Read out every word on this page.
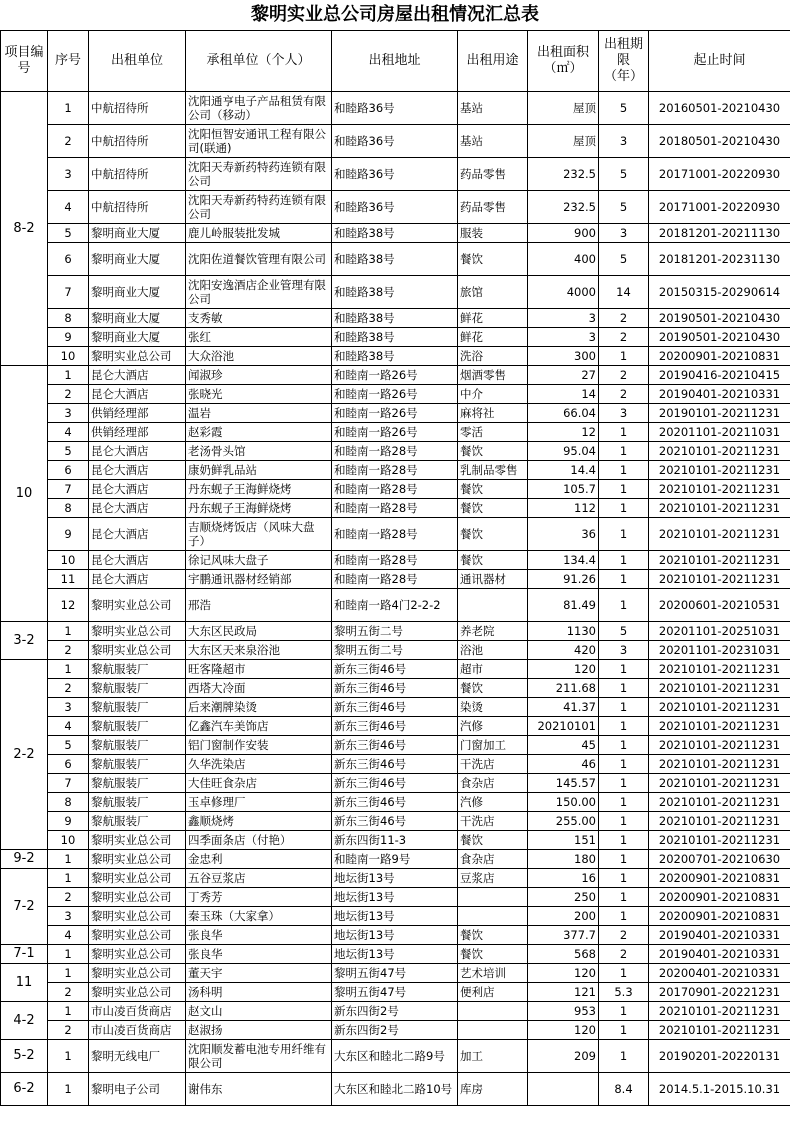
黎明实业总公司房屋出租情况汇总表
项目编号	序号	出租单位	承租单位（个人）	出租地址	出租用途	出租面积（㎡）	出租期限（年）	起止时间
8-2	1	中航招待所	沈阳通亨电子产品租赁有限公司（移动）	和睦路36号	基站	屋顶	5	20160501-20210430
	2	中航招待所	沈阳恒智安通讯工程有限公司(联通)	和睦路36号	基站	屋顶	3	20180501-20210430
	3	中航招待所	沈阳天寿新药特药连锁有限公司	和睦路36号	药品零售	232.5	5	20171001-20220930
	4	中航招待所	沈阳天寿新药特药连锁有限公司	和睦路36号	药品零售	232.5	5	20171001-20220930
	5	黎明商业大厦	鹿儿岭服装批发城	和睦路38号	服装	900	3	20181201-20211130
	6	黎明商业大厦	沈阳佐道餐饮管理有限公司	和睦路38号	餐饮	400	5	20181201-20231130
	7	黎明商业大厦	沈阳安逸酒店企业管理有限公司	和睦路38号	旅馆	4000	14	20150315-20290614
	8	黎明商业大厦	支秀敏	和睦路38号	鲜花	3	2	20190501-20210430
	9	黎明商业大厦	张红	和睦路38号	鲜花	3	2	20190501-20210430
	10	黎明实业总公司	大众浴池	和睦路38号	洗浴	300	1	20200901-20210831
10	1	昆仑大酒店	闻淑珍	和睦南一路26号	烟酒零售	27	2	20190416-20210415
	2	昆仑大酒店	张晓光	和睦南一路26号	中介	14	2	20190401-20210331
	3	供销经理部	温岩	和睦南一路26号	麻将社	66.04	3	20190101-20211231
	4	供销经理部	赵彩霞	和睦南一路26号	零活	12	1	20201101-20211031
	5	昆仑大酒店	老汤骨头馆	和睦南一路28号	餐饮	95.04	1	20210101-20211231
	6	昆仑大酒店	康奶鲜乳品站	和睦南一路28号	乳制品零售	14.4	1	20210101-20211231
	7	昆仑大酒店	丹东蚬子王海鲜烧烤	和睦南一路28号	餐饮	105.7	1	20210101-20211231
	8	昆仑大酒店	丹东蚬子王海鲜烧烤	和睦南一路28号	餐饮	112	1	20210101-20211231
	9	昆仑大酒店	吉顺烧烤饭店（风味大盘子）	和睦南一路28号	餐饮	36	1	20210101-20211231
	10	昆仑大酒店	徐记风味大盘子	和睦南一路28号	餐饮	134.4	1	20210101-20211231
	11	昆仑大酒店	宇鹏通讯器材经销部	和睦南一路28号	通讯器材	91.26	1	20210101-20211231
	12	黎明实业总公司	邢浩	和睦南一路4门2-2-2		81.49	1	20200601-20210531
3-2	1	黎明实业总公司	大东区民政局	黎明五街二号	养老院	1130	5	20201101-20251031
	2	黎明实业总公司	大东区天来泉浴池	黎明五街二号	浴池	420	3	20201101-20231031
2-2	1	黎航服装厂	旺客隆超市	新东三街46号	超市	120	1	20210101-20211231
	2	黎航服装厂	西塔大冷面	新东三街46号	餐饮	211.68	1	20210101-20211231
	3	黎航服装厂	后来潮牌染烫	新东三街46号	染烫	41.37	1	20210101-20211231
	4	黎航服装厂	亿鑫汽车美饰店	新东三街46号	汽修	20210101	1	20210101-20211231
	5	黎航服装厂	铝门窗制作安装	新东三街46号	门窗加工	45	1	20210101-20211231
	6	黎航服装厂	久华洗染店	新东三街46号	干洗店	46	1	20210101-20211231
	7	黎航服装厂	大佳旺食杂店	新东三街46号	食杂店	145.57	1	20210101-20211231
	8	黎航服装厂	玉卓修理厂	新东三街46号	汽修	150.00	1	20210101-20211231
	9	黎航服装厂	鑫顺烧烤	新东三街46号	干洗店	255.00	1	20210101-20211231
	10	黎明实业总公司	四季面条店（付艳）	新东四街11-3	餐饮	151	1	20210101-20211231
9-2	1	黎明实业总公司	金忠利	和睦南一路9号	食杂店	180	1	20200701-20210630
7-2	1	黎明实业总公司	五谷豆浆店	地坛街13号	豆浆店	16	1	20200901-20210831
	2	黎明实业总公司	丁秀芳	地坛街13号		250	1	20200901-20210831
	3	黎明实业总公司	秦玉珠（大家拿）	地坛街13号		200	1	20200901-20210831
	4	黎明实业总公司	张良华	地坛街13号	餐饮	377.7	2	20190401-20210331
7-1	1	黎明实业总公司	张良华	地坛街13号	餐饮	568	2	20190401-20210331
11	1	黎明实业总公司	董天宇	黎明五街47号	艺术培训	120	1	20200401-20210331
	2	黎明实业总公司	汤科明	黎明五街47号	便利店	121	5.3	20170901-20221231
4-2	1	市山凌百货商店	赵文山	新东四街2号		953	1	20210101-20211231
	2	市山凌百货商店	赵淑扬	新东四街2号		120	1	20210101-20211231
5-2	1	黎明无线电厂	沈阳顺发蓄电池专用纤维有限公司	大东区和睦北二路9号	加工	209	1	20190201-20220131
6-2	1	黎明电子公司	谢伟东	大东区和睦北二路10号	库房		8.4	2014.5.1-2015.10.31
